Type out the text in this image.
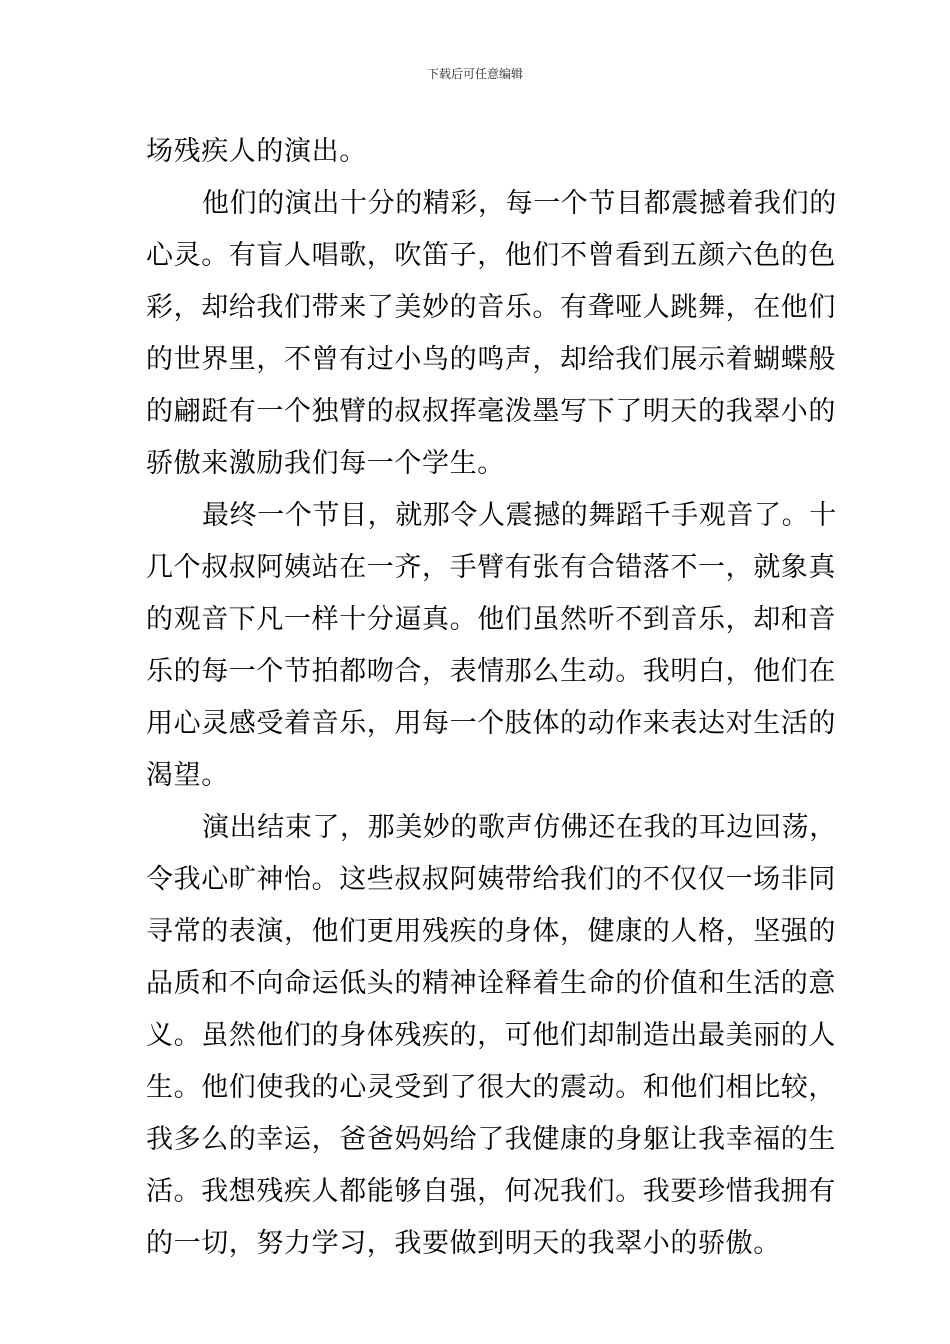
下载后可任意编辑
场残疾人的演出。
他们的演出十分的精彩，每一个节目都震撼着我们的
心灵。有盲人唱歌，吹笛子，他们不曾看到五颜六色的色
彩，却给我们带来了美妙的音乐。有聋哑人跳舞，在他们
的世界里，不曾有过小鸟的鸣声，却给我们展示着蝴蝶般
的翩跹有一个独臂的叔叔挥毫泼墨写下了明天的我翠小的
骄傲来激励我们每一个学生。
最终一个节目，就那令人震撼的舞蹈千手观音了。十
几个叔叔阿姨站在一齐，手臂有张有合错落不一，就象真
的观音下凡一样十分逼真。他们虽然听不到音乐，却和音
乐的每一个节拍都吻合，表情那么生动。我明白，他们在
用心灵感受着音乐，用每一个肢体的动作来表达对生活的
渴望。
演出结束了，那美妙的歌声仿佛还在我的耳边回荡，
令我心旷神怡。这些叔叔阿姨带给我们的不仅仅一场非同
寻常的表演，他们更用残疾的身体，健康的人格，坚强的
品质和不向命运低头的精神诠释着生命的价值和生活的意
义。虽然他们的身体残疾的，可他们却制造出最美丽的人
生。他们使我的心灵受到了很大的震动。和他们相比较，
我多么的幸运，爸爸妈妈给了我健康的身躯让我幸福的生
活。我想残疾人都能够自强，何况我们。我要珍惜我拥有
的一切，努力学习，我要做到明天的我翠小的骄傲。
